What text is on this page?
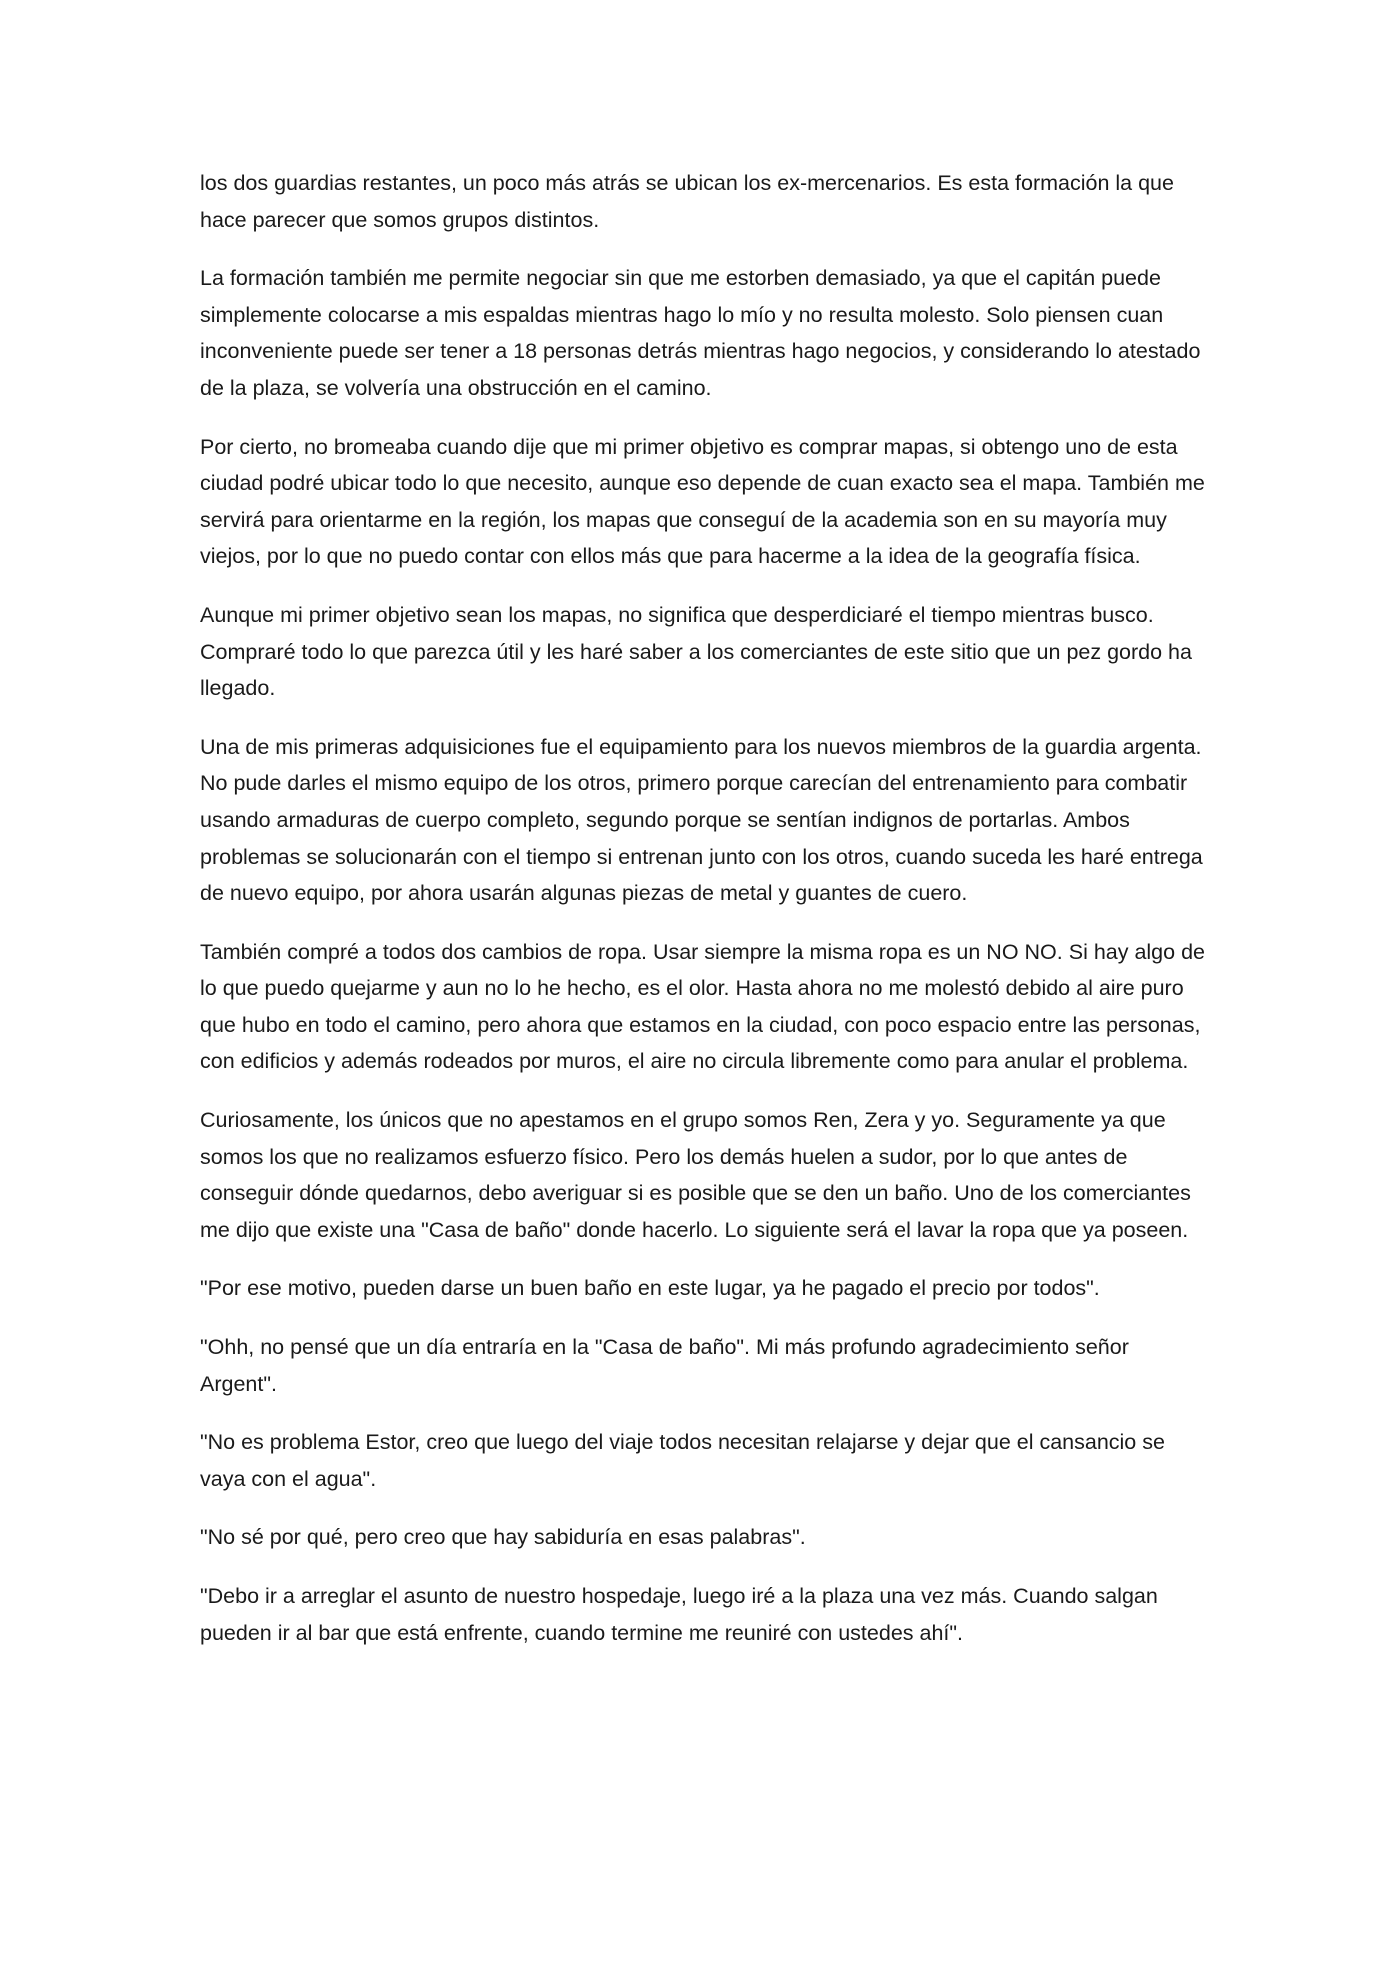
los dos guardias restantes, un poco más atrás se ubican los ex-mercenarios. Es esta formación la que hace parecer que somos grupos distintos.

La formación también me permite negociar sin que me estorben demasiado, ya que el capitán puede simplemente colocarse a mis espaldas mientras hago lo mío y no resulta molesto. Solo piensen cuan inconveniente puede ser tener a 18 personas detrás mientras hago negocios, y considerando lo atestado de la plaza, se volvería una obstrucción en el camino.

Por cierto, no bromeaba cuando dije que mi primer objetivo es comprar mapas, si obtengo uno de esta ciudad podré ubicar todo lo que necesito, aunque eso depende de cuan exacto sea el mapa. También me servirá para orientarme en la región, los mapas que conseguí de la academia son en su mayoría muy viejos, por lo que no puedo contar con ellos más que para hacerme a la idea de la geografía física.

Aunque mi primer objetivo sean los mapas, no significa que desperdiciaré el tiempo mientras busco. Compraré todo lo que parezca útil y les haré saber a los comerciantes de este sitio que un pez gordo ha llegado.

Una de mis primeras adquisiciones fue el equipamiento para los nuevos miembros de la guardia argenta. No pude darles el mismo equipo de los otros, primero porque carecían del entrenamiento para combatir usando armaduras de cuerpo completo, segundo porque se sentían indignos de portarlas. Ambos problemas se solucionarán con el tiempo si entrenan junto con los otros, cuando suceda les haré entrega de nuevo equipo, por ahora usarán algunas piezas de metal y guantes de cuero.

También compré a todos dos cambios de ropa. Usar siempre la misma ropa es un NO NO. Si hay algo de lo que puedo quejarme y aun no lo he hecho, es el olor. Hasta ahora no me molestó debido al aire puro que hubo en todo el camino, pero ahora que estamos en la ciudad, con poco espacio entre las personas, con edificios y además rodeados por muros, el aire no circula libremente como para anular el problema.

Curiosamente, los únicos que no apestamos en el grupo somos Ren, Zera y yo. Seguramente ya que somos los que no realizamos esfuerzo físico. Pero los demás huelen a sudor, por lo que antes de conseguir dónde quedarnos, debo averiguar si es posible que se den un baño. Uno de los comerciantes me dijo que existe una "Casa de baño" donde hacerlo. Lo siguiente será el lavar la ropa que ya poseen.

"Por ese motivo, pueden darse un buen baño en este lugar, ya he pagado el precio por todos".

"Ohh, no pensé que un día entraría en la "Casa de baño". Mi más profundo agradecimiento señor Argent".

"No es problema Estor, creo que luego del viaje todos necesitan relajarse y dejar que el cansancio se vaya con el agua".

"No sé por qué, pero creo que hay sabiduría en esas palabras".

"Debo ir a arreglar el asunto de nuestro hospedaje, luego iré a la plaza una vez más. Cuando salgan pueden ir al bar que está enfrente, cuando termine me reuniré con ustedes ahí".
